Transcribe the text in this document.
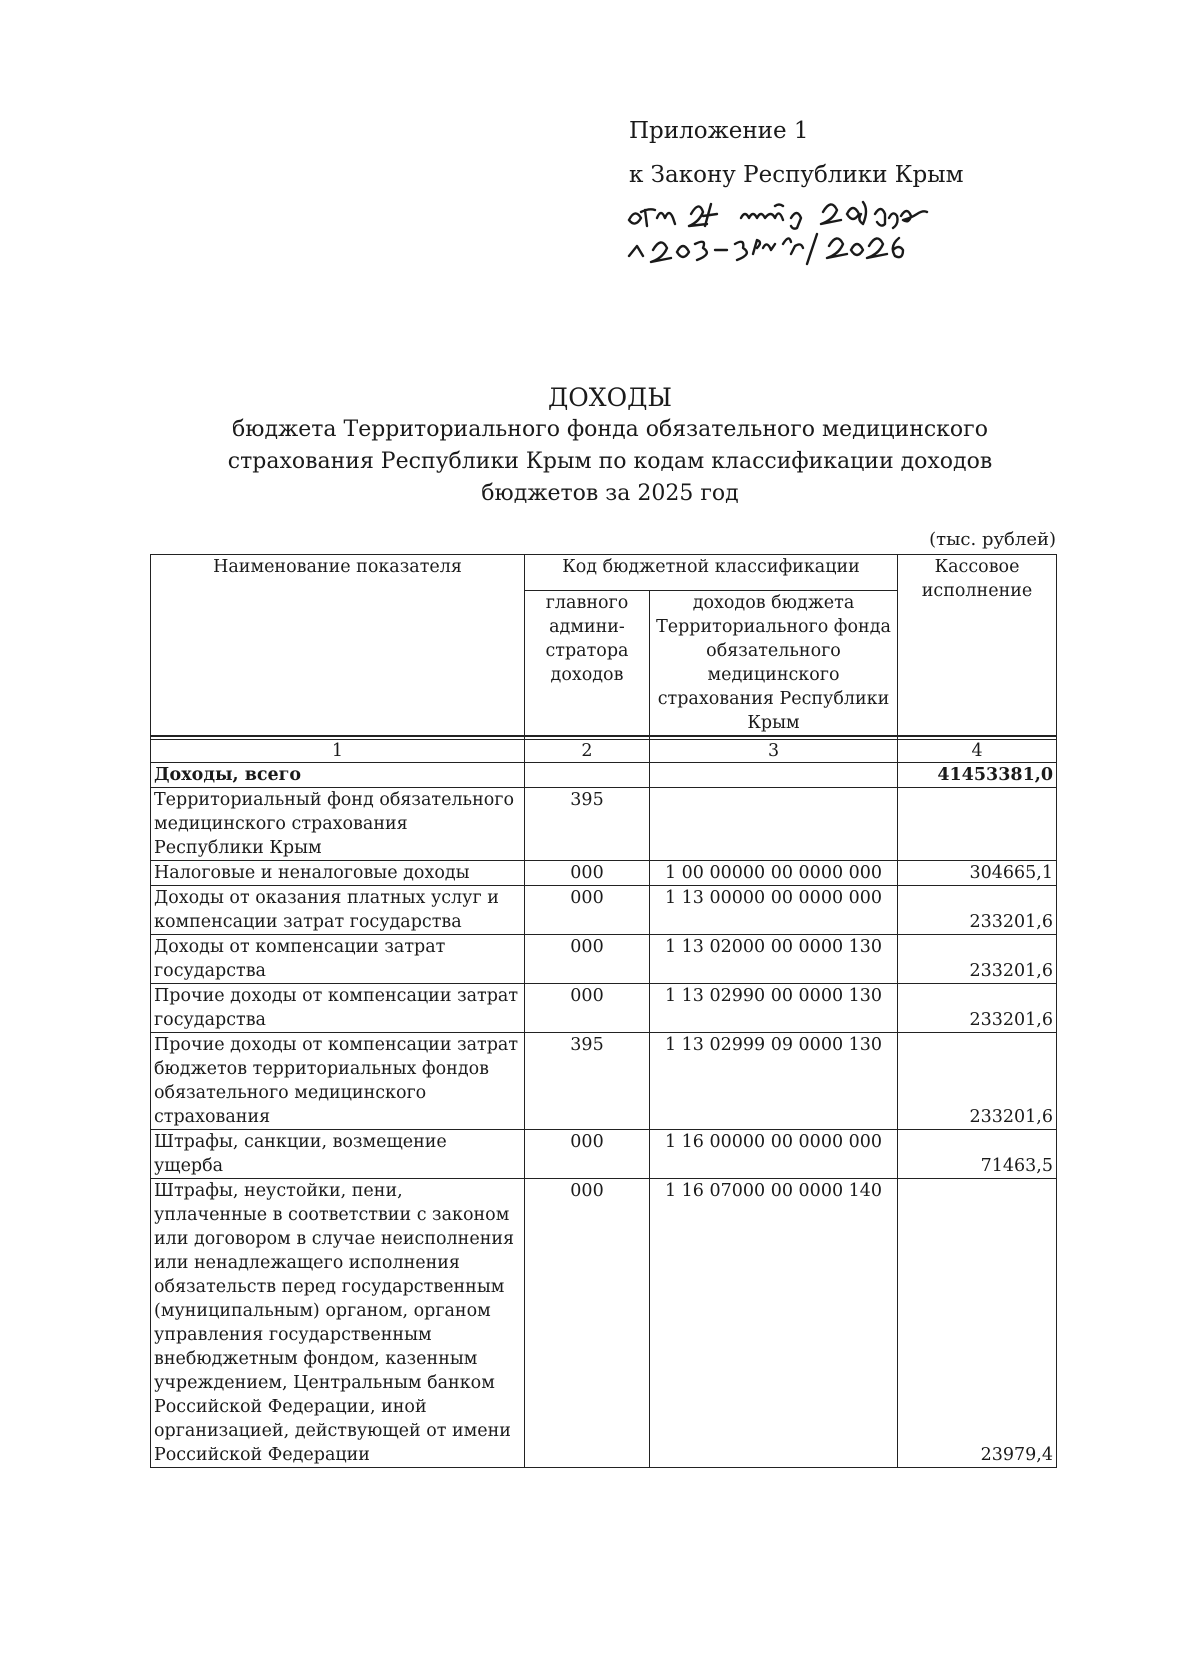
Приложение 1
к Закону Республики Крым
ДОХОДЫ
бюджета Территориального фонда обязательного медицинского
страхования Республики Крым по кодам классификации доходов
бюджетов за 2025 год
(тыс. рублей)
Наименование показателя	Код бюджетной классификации		Кассовое исполнение
	главного админи- стратора доходов	доходов бюджета Территориального фонда обязательного медицинского страхования Республики Крым	

1	2	3	4
Доходы, всего			41453381,0
Территориальный фонд обязательного медицинского страхования Республики Крым	395		
Налоговые и неналоговые доходы	000	1 00 00000 00 0000 000	304665,1
Доходы от оказания платных услуг и компенсации затрат государства	000	1 13 00000 00 0000 000	233201,6
Доходы от компенсации затрат государства	000	1 13 02000 00 0000 130	233201,6
Прочие доходы от компенсации затрат государства	000	1 13 02990 00 0000 130	233201,6
Прочие доходы от компенсации затрат бюджетов территориальных фондов обязательного медицинского страхования	395	1 13 02999 09 0000 130	233201,6
Штрафы, санкции, возмещение ущерба	000	1 16 00000 00 0000 000	71463,5
Штрафы, неустойки, пени, уплаченные в соответствии с законом или договором в случае неисполнения или ненадлежащего исполнения обязательств перед государственным (муниципальным) органом, органом управления государственным внебюджетным фондом, казенным учреждением, Центральным банком Российской Федерации, иной организацией, действующей от имени Российской Федерации	000	1 16 07000 00 0000 140	23979,4
